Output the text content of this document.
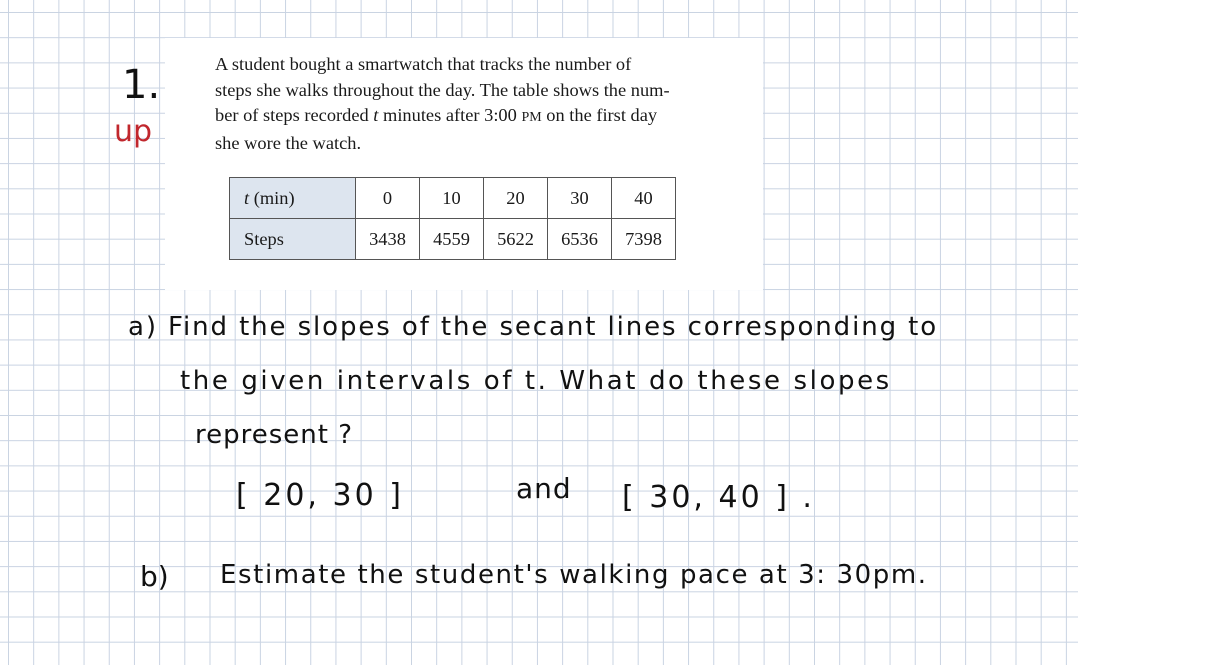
1.
up
A student bought a smartwatch that tracks the number of
steps she walks throughout the day. The table shows the num-
ber of steps recorded t minutes after 3:00 PM on the first day
she wore the watch.
t (min)	0	10	20	30	40
Steps	3438	4559	5622	6536	7398
a) Find the slopes of the secant lines corresponding to
the given intervals of t. What do these slopes
represent ?
[ 20, 30 ]	and [ 30, 40 ] .
b) Estimate the student's walking pace at 3: 30pm.
